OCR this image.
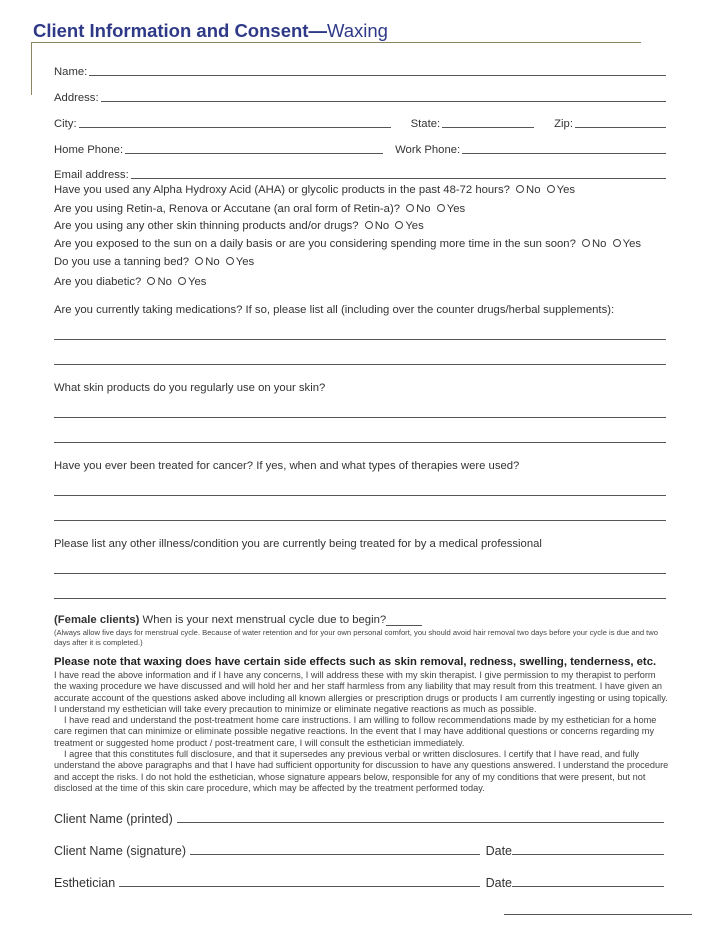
Client Information and Consent—Waxing
Name:
Address:
City:	State:	Zip:
Home Phone:	Work Phone:
Email address:
Have you used any Alpha Hydroxy Acid (AHA) or glycolic products in the past 48-72 hours? No Yes
Are you using Retin-a, Renova or Accutane (an oral form of Retin-a)? No Yes
Are you using any other skin thinning products and/or drugs? No Yes
Are you exposed to the sun on a daily basis or are you considering spending more time in the sun soon? No Yes
Do you use a tanning bed? No Yes
Are you diabetic? No Yes
Are you currently taking medications? If so, please list all (including over the counter drugs/herbal supplements):
What skin products do you regularly use on your skin?
Have you ever been treated for cancer? If yes, when and what types of therapies were used?
Please list any other illness/condition you are currently being treated for by a medical professional
(Female clients) When is your next menstrual cycle due to begin?
(Always allow five days for menstrual cycle. Because of water retention and for your own personal comfort, you should avoid hair removal two days before your cycle is due and two days after it is completed.)
Please note that waxing does have certain side effects such as skin removal, redness, swelling, tenderness, etc.

I have read the above information and if I have any concerns, I will address these with my skin therapist. I give permission to my therapist to perform the waxing procedure we have discussed and will hold her and her staff harmless from any liability that may result from this treatment. I have given an accurate account of the questions asked above including all known allergies or prescription drugs or products I am currently ingesting or using topically. I understand my esthetician will take every precaution to minimize or eliminate negative reactions as much as possible.

I have read and understand the post-treatment home care instructions. I am willing to follow recommendations made by my esthetician for a home care regimen that can minimize or eliminate possible negative reactions. In the event that I may have additional questions or concerns regarding my treatment or suggested home product / post-treatment care, I will consult the esthetician immediately.

I agree that this constitutes full disclosure, and that it supersedes any previous verbal or written disclosures. I certify that I have read, and fully understand the above paragraphs and that I have had sufficient opportunity for discussion to have any questions answered. I understand the procedure and accept the risks. I do not hold the esthetician, whose signature appears below, responsible for any of my conditions that were present, but not disclosed at the time of this skin care procedure, which may be affected by the treatment performed today.

Client Name (printed)
Client Name (signature)	Date
Esthetician	Date
